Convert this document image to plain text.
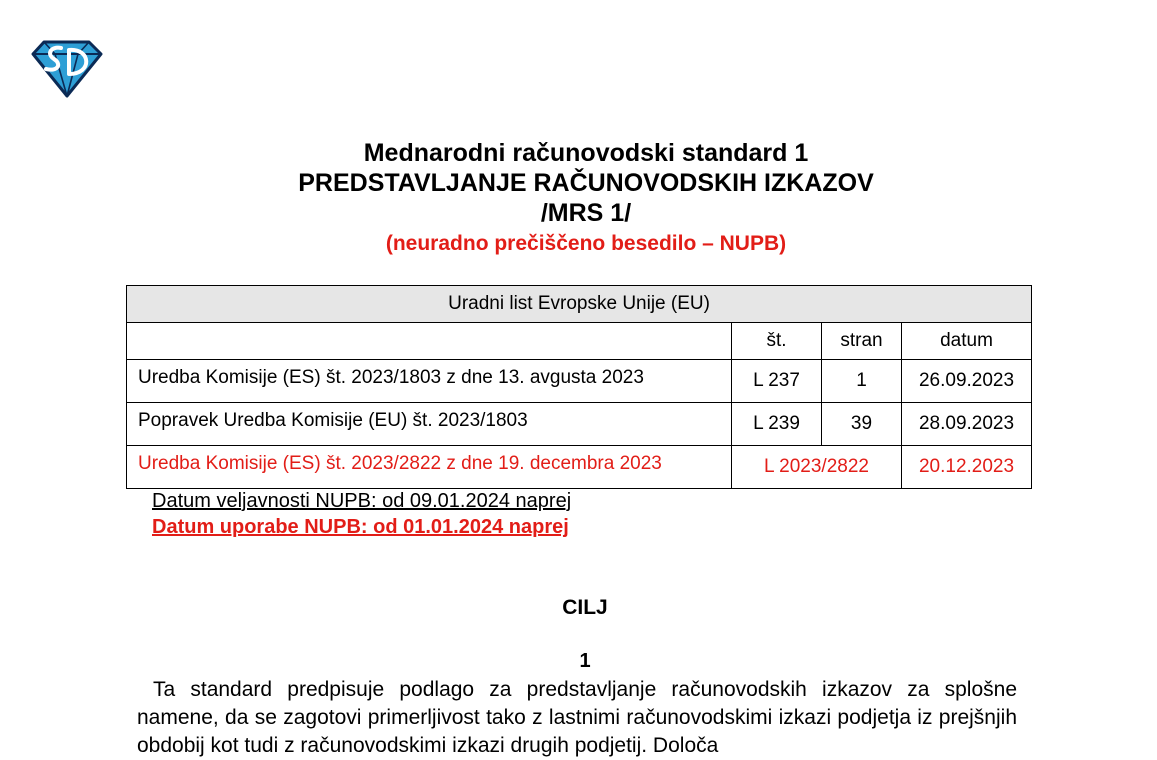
Mednarodni računovodski standard 1
PREDSTAVLJANJE RAČUNOVODSKIH IZKAZOV
/MRS 1/
(neuradno prečiščeno besedilo – NUPB)
Uradni list Evropske Unije (EU)			
	št.	stran	datum
Uredba Komisije (ES) št. 2023/1803 z dne 13. avgusta 2023	L 237	1	26.09.2023
Popravek Uredba Komisije (EU) št. 2023/1803	L 239	39	28.09.2023
Uredba Komisije (ES) št. 2023/2822 z dne 19. decembra 2023	L 2023/2822		20.12.2023
Datum veljavnosti NUPB: od 09.01.2024 naprej
Datum uporabe NUPB: od 01.01.2024 naprej
CILJ
1
Ta standard predpisuje podlago za predstavljanje računovodskih izkazov za splošne namene, da se zagotovi primerljivost tako z lastnimi računovodskimi izkazi podjetja iz prejšnjih obdobij kot tudi z računovodskimi izkazi drugih podjetij. Določa
